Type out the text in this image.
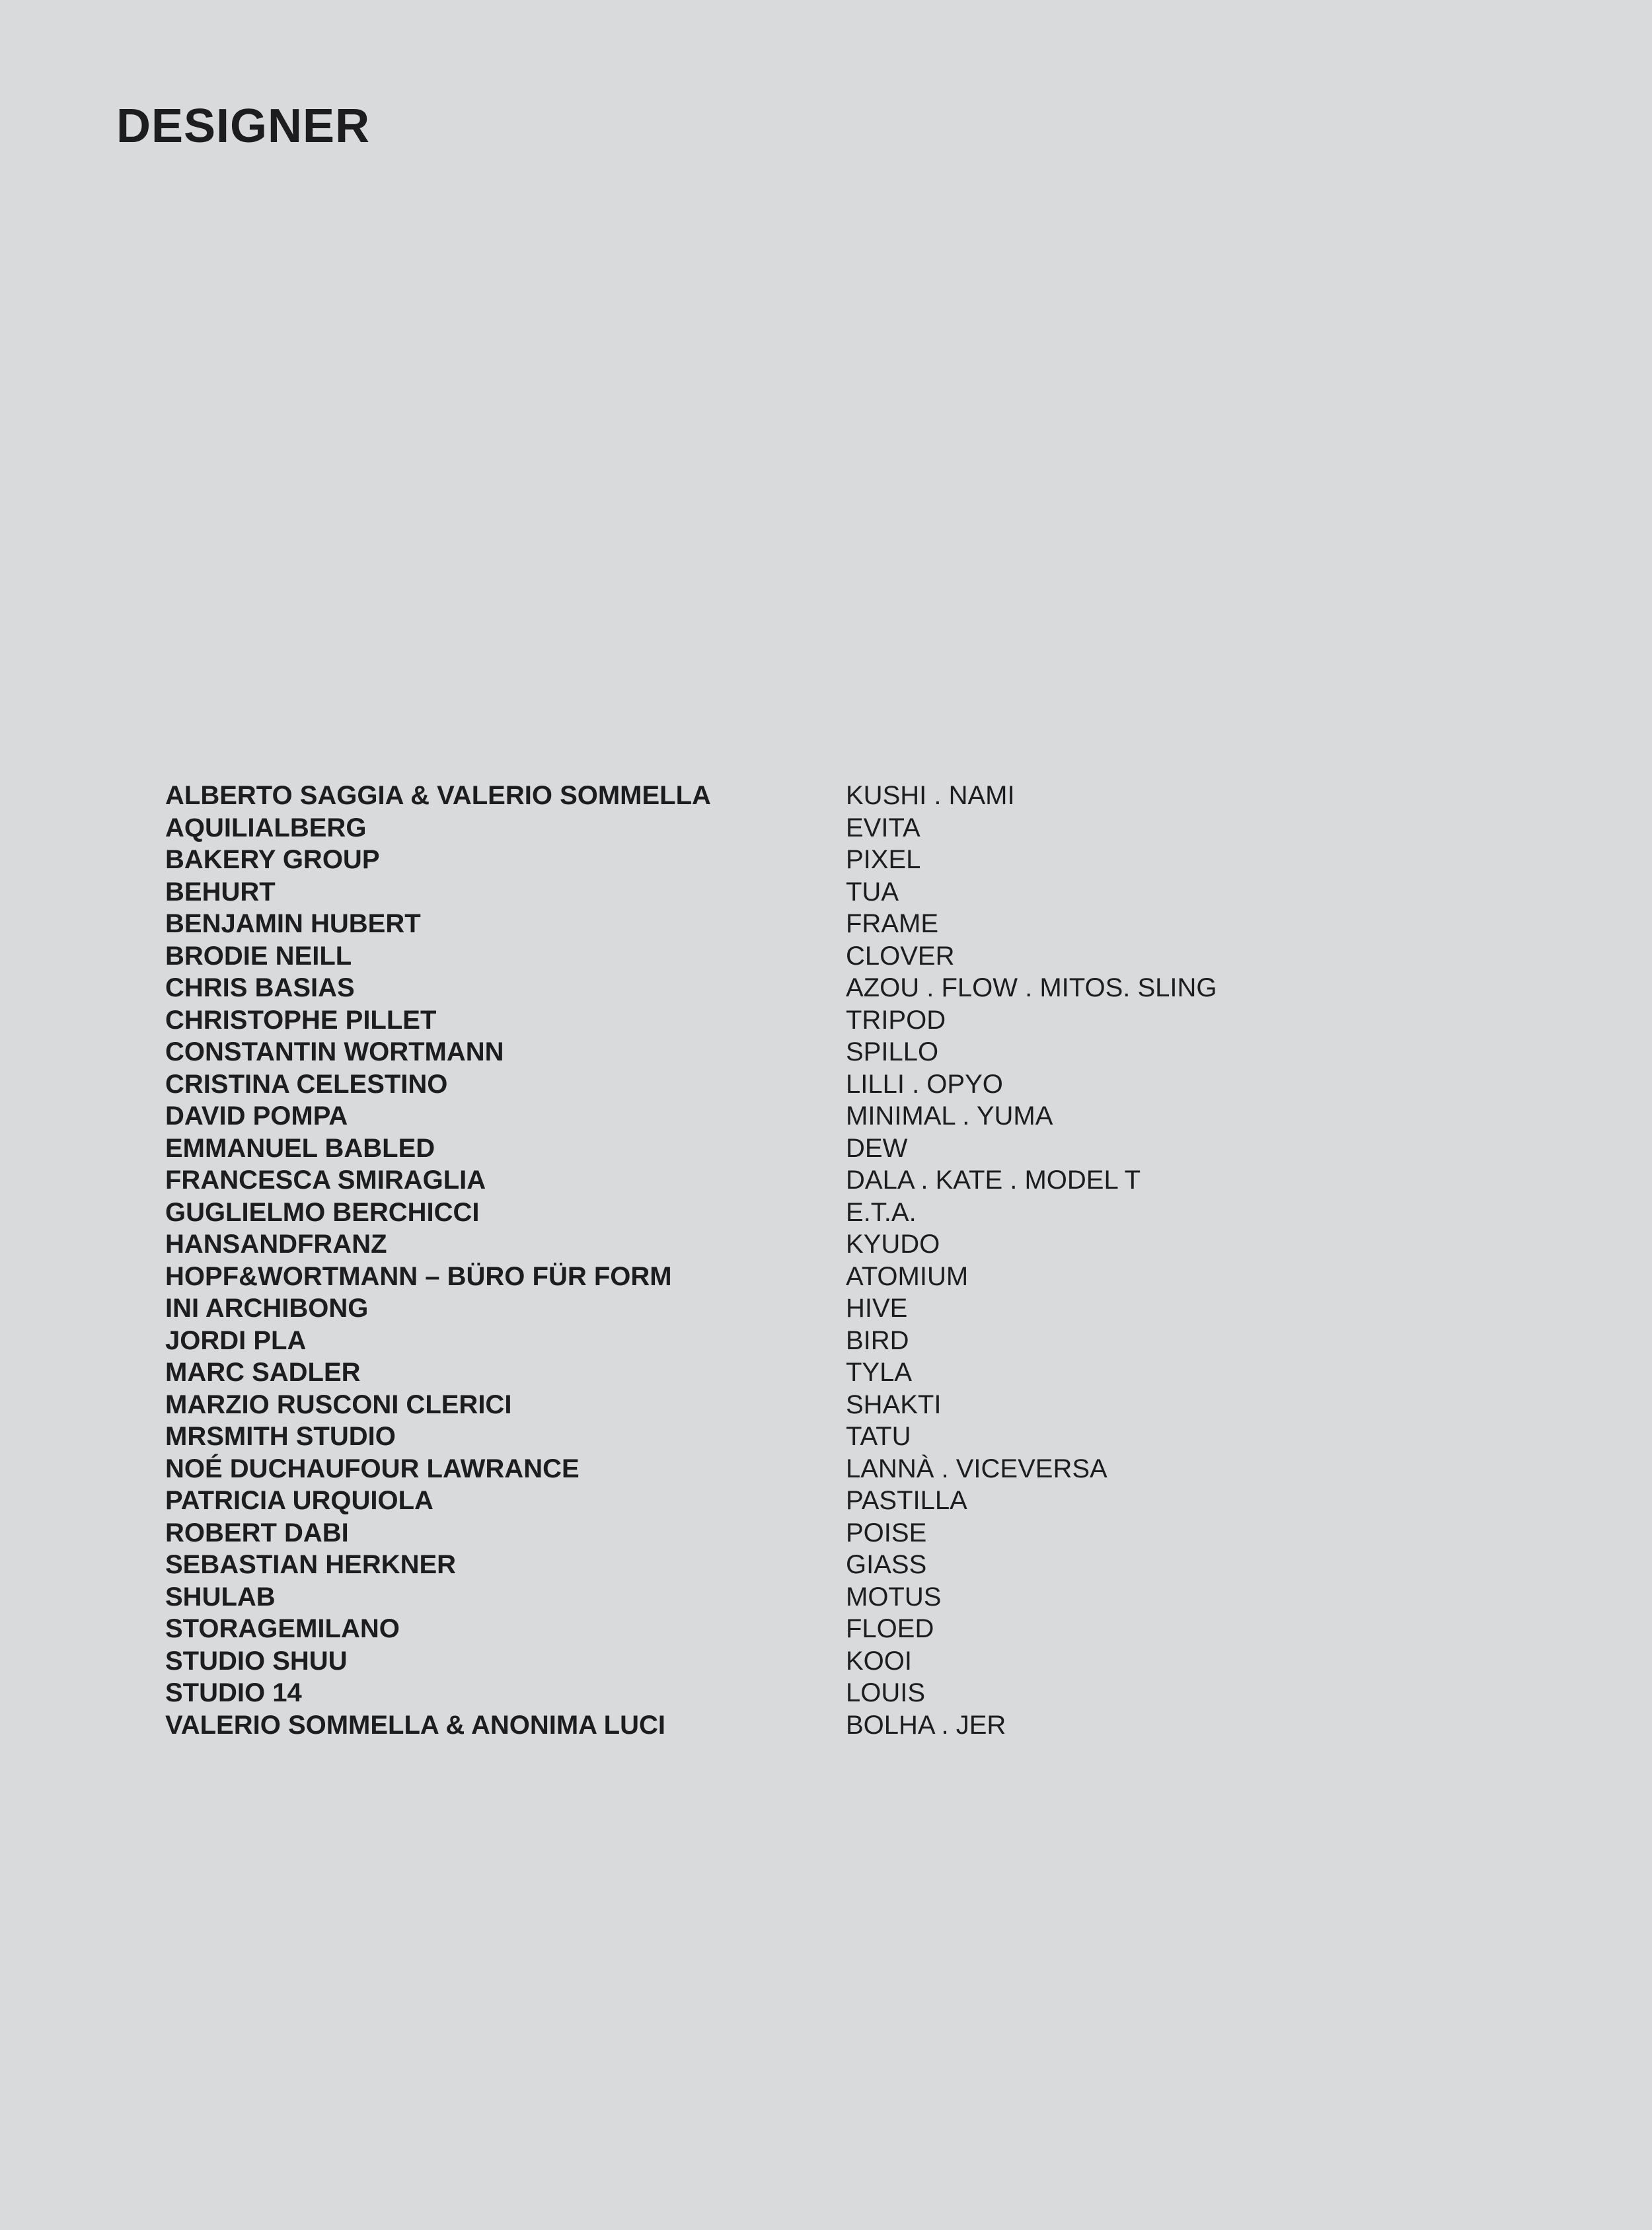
DESIGNER
ALBERTO SAGGIA & VALERIO SOMMELLA	KUSHI . NAMI
AQUILIALBERG	EVITA
BAKERY GROUP	PIXEL
BEHURT	TUA
BENJAMIN HUBERT	FRAME
BRODIE NEILL	CLOVER
CHRIS BASIAS	AZOU . FLOW . MITOS. SLING
CHRISTOPHE PILLET	TRIPOD
CONSTANTIN WORTMANN	SPILLO
CRISTINA CELESTINO	LILLI . OPYO
DAVID POMPA	MINIMAL . YUMA
EMMANUEL BABLED	DEW
FRANCESCA SMIRAGLIA	DALA . KATE . MODEL T
GUGLIELMO BERCHICCI	E.T.A.
HANSANDFRANZ	KYUDO
HOPF&WORTMANN – BÜRO FÜR FORM	ATOMIUM
INI ARCHIBONG	HIVE
JORDI PLA	BIRD
MARC SADLER	TYLA
MARZIO RUSCONI CLERICI	SHAKTI
MRSMITH STUDIO	TATU
NOÉ DUCHAUFOUR LAWRANCE	LANNÀ . VICEVERSA
PATRICIA URQUIOLA	PASTILLA
ROBERT DABI	POISE
SEBASTIAN HERKNER	GIASS
SHULAB	MOTUS
STORAGEMILANO	FLOED
STUDIO SHUU	KOOI
STUDIO 14	LOUIS
VALERIO SOMMELLA & ANONIMA LUCI	BOLHA . JER
